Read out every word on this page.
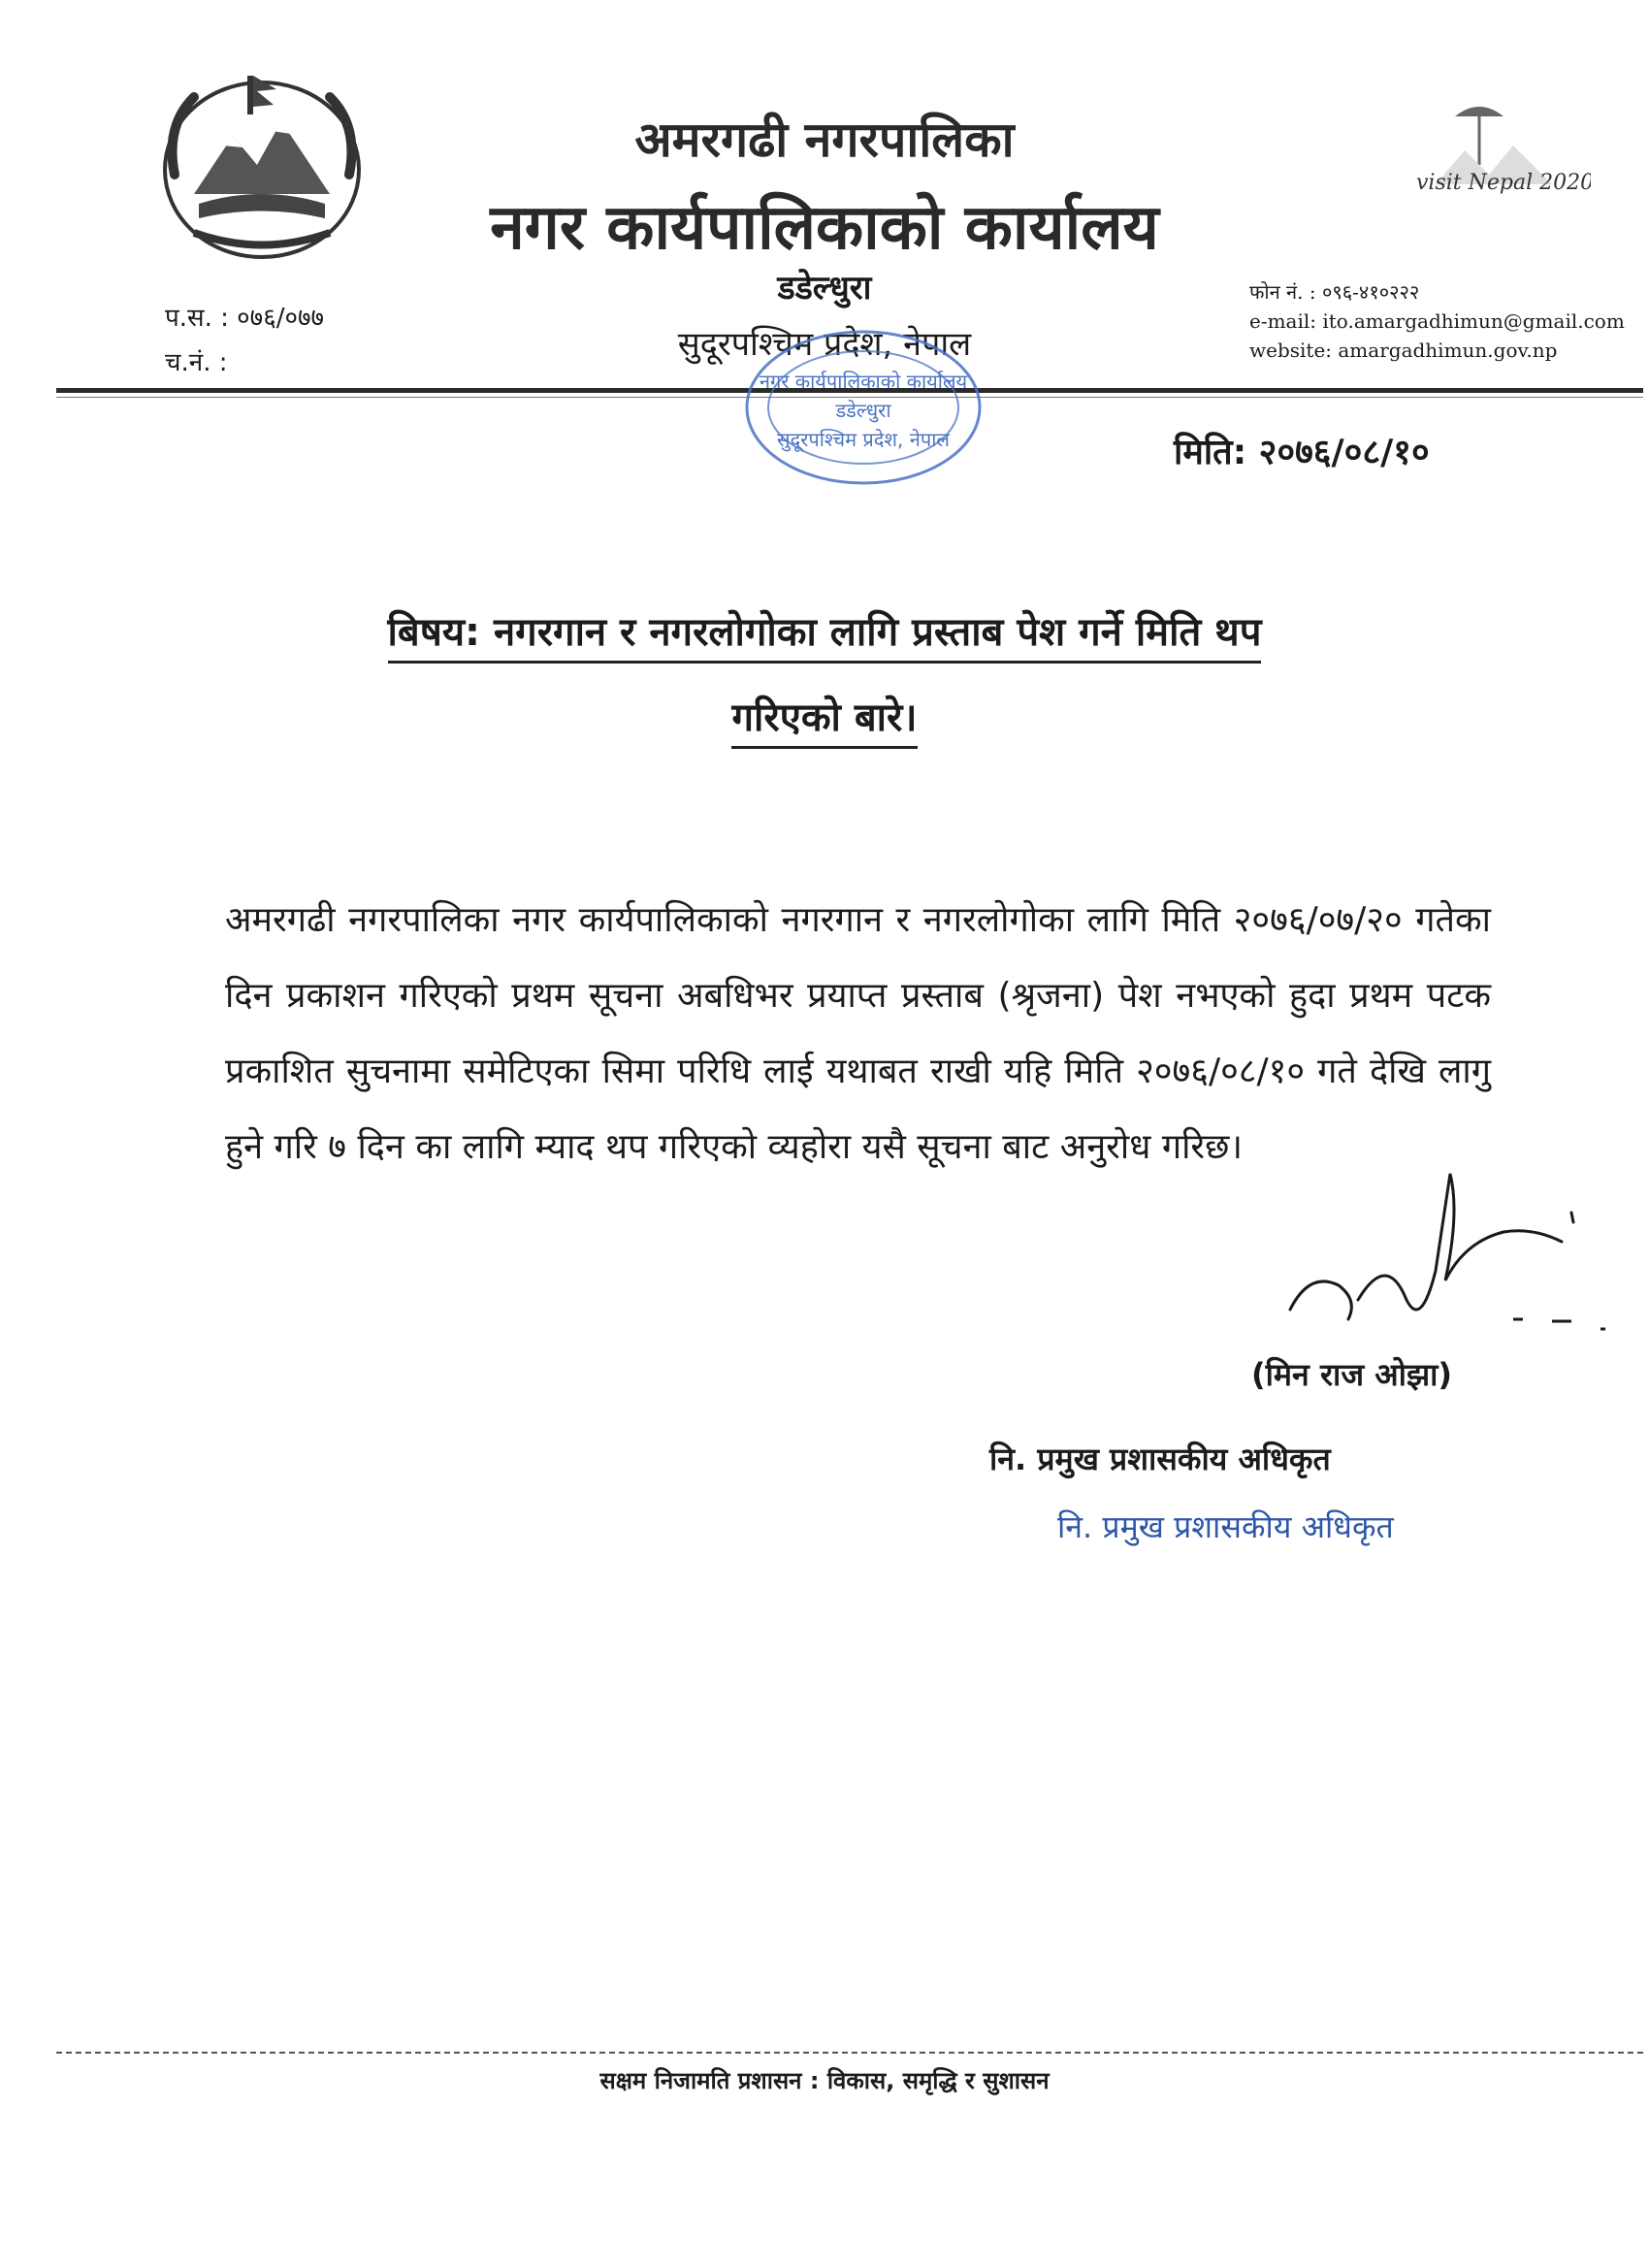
अमरगढी नगरपालिका
नगर कार्यपालिकाको कार्यालय
डडेल्धुरा
सुदूरपश्चिम प्रदेश, नेपाल
प.स. : ०७६/०७७
च.नं. :
visit Nepal 2020
फोन नं. : ०९६-४१०२२२
e-mail: ito.amargadhimun@gmail.com
website: amargadhimun.gov.np
नगर कार्यपालिकाको कार्यालय
डडेल्धुरा
सुदूरपश्चिम प्रदेश, नेपाल	मिति: २०७६/०८/१०
बिषय: नगरगान र नगरलोगोका लागि प्रस्ताब पेश गर्ने मिति थप
गरिएको बारे।
अमरगढी नगरपालिका नगर कार्यपालिकाको नगरगान र नगरलोगोका लागि मिति २०७६/०७/२० गतेका दिन प्रकाशन गरिएको प्रथम सूचना अबधिभर प्रयाप्त प्रस्ताब (श्रृजना) पेश नभएको हुदा प्रथम पटक प्रकाशित सुचनामा समेटिएका सिमा परिधि लाई यथाबत राखी यहि मिति २०७६/०८/१० गते देखि लागु हुने गरि ७ दिन का लागि म्याद थप गरिएको व्यहोरा यसै सूचना बाट अनुरोध गरिछ।
(मिन राज ओझा)
नि. प्रमुख प्रशासकीय अधिकृत
नि. प्रमुख प्रशासकीय अधिकृत
सक्षम निजामति प्रशासन : विकास, समृद्धि र सुशासन
